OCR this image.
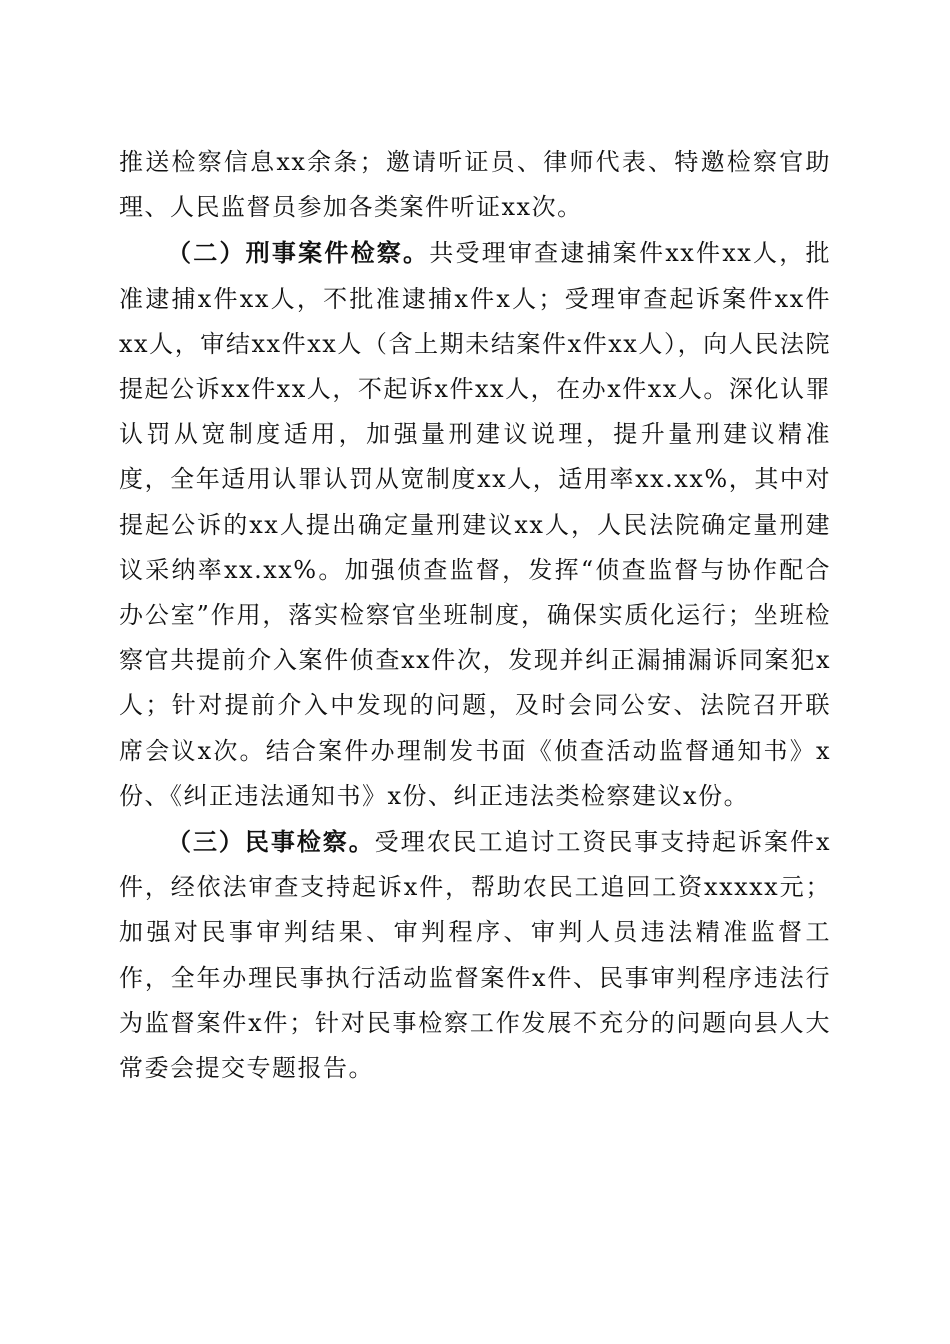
推送检察信息xx余条；邀请听证员、律师代表、特邀检察官助理、人民监督员参加各类案件听证xx次。

（二）刑事案件检察。共受理审查逮捕案件xx件xx人，批准逮捕x件xx人，不批准逮捕x件x人；受理审查起诉案件xx件xx人，审结xx件xx人（含上期未结案件x件xx人），向人民法院提起公诉xx件xx人，不起诉x件xx人，在办x件xx人。深化认罪认罚从宽制度适用，加强量刑建议说理，提升量刑建议精准度，全年适用认罪认罚从宽制度xx人，适用率xx.xx%，其中对提起公诉的xx人提出确定量刑建议xx人，人民法院确定量刑建议采纳率xx.xx%。加强侦查监督，发挥“侦查监督与协作配合办公室”作用，落实检察官坐班制度，确保实质化运行；坐班检察官共提前介入案件侦查xx件次，发现并纠正漏捕漏诉同案犯x人；针对提前介入中发现的问题，及时会同公安、法院召开联席会议x次。结合案件办理制发书面《侦查活动监督通知书》x份、《纠正违法通知书》x份、纠正违法类检察建议x份。

（三）民事检察。受理农民工追讨工资民事支持起诉案件x件，经依法审查支持起诉x件，帮助农民工追回工资xxxxx元；加强对民事审判结果、审判程序、审判人员违法精准监督工作，全年办理民事执行活动监督案件x件、民事审判程序违法行为监督案件x件；针对民事检察工作发展不充分的问题向县人大常委会提交专题报告。
